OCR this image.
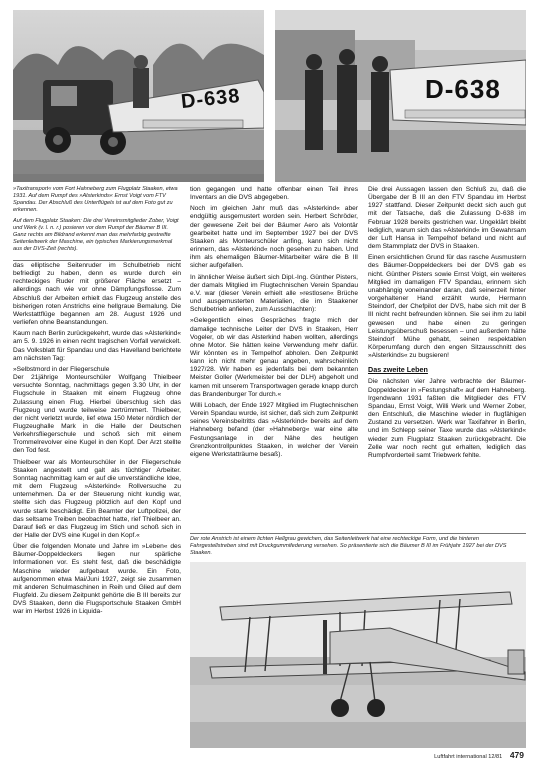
D-638	D-638

»Taxitransport« vom Fort Hahneberg zum Flugplatz Staaken, etwa 1931. Auf dem Rumpf des »Alsterkinds« Ernst Voigt vom FTV Spandau. Der Abschluß des Unterflügels ist auf dem Foto gut zu erkennen.

Auf dem Flugplatz Staaken: Die drei Vereinsmitglieder Zober, Voigt und Werk (v. l. n. r.) posieren vor dem Rumpf der Bäumer B III. Ganz rechts am Bildrand erkennt man das mehrfarbig gestreifte Seitenleitwerk der Maschine, ein typisches Markierungsmerkmal aus der DVS-Zeit (rechts).

das elliptische Seitenruder im Schulbetrieb nicht befriedigt zu haben, denn es wurde durch ein rechteckiges Ruder mit größerer Fläche ersetzt – allerdings nach wie vor ohne Dämpfungsflosse. Zum Abschluß der Arbeiten erhielt das Flugzeug anstelle des bisherigen roten Anstrichs eine hellgraue Bemalung. Die Werkstattflüge begannen am 28. August 1926 und verliefen ohne Beanstandungen.

Kaum nach Berlin zurückgekehrt, wurde das »Alsterkind« am 5. 9. 1926 in einen recht tragischen Vorfall verwickelt. Das Volksblatt für Spandau und das Havelland berichtete am nächsten Tag:

»Selbstmord in der Fliegerschule

Der 21jährige Monteurschüler Wolfgang Thielbeer versuchte Sonntag, nachmittags gegen 3.30 Uhr, in der Flugschule in Staaken mit einem Flugzeug ohne Zulassung einen Flug. Hierbei überschlug sich das Flugzeug und wurde teilweise zertrümmert. Thielbeer, der nicht verletzt wurde, lief etwa 150 Meter nördlich der Flugzeughalle Mark in die Halle der Deutschen Verkehrsfliegerschule und schoß sich mit einem Trommelrevolver eine Kugel in den Kopf. Der Arzt stellte den Tod fest.

Thielbeer war als Monteurschüler in der Fliegerschule Staaken angestellt und galt als tüchtiger Arbeiter. Sonntag nachmittag kam er auf die unverständliche Idee, mit dem Flugzeug »Alsterkind« Rollversuche zu unternehmen. Da er der Steuerung nicht kundig war, stellte sich das Flugzeug plötzlich auf den Kopf und wurde stark beschädigt. Ein Beamter der Luftpolizei, der das seltsame Treiben beobachtet hatte, rief Thielbeer an. Darauf ließ er das Flugzeug im Stich und schoß sich in der Halle der DVS eine Kugel in den Kopf.«

Über die folgenden Monate und Jahre im »Leben« des Bäumer-Doppeldeckers liegen nur spärliche Informationen vor. Es steht fest, daß die beschädigte Maschine wieder aufgebaut wurde. Ein Foto, aufgenommen etwa Mai/Juni 1927, zeigt sie zusammen mit anderen Schulmaschinen in Reih und Glied auf dem Flugfeld. Zu diesem Zeitpunkt gehörte die B III bereits zur DVS Staaken, denn die Flugsportschule Staaken GmbH war im Herbst 1926 in Liquida-

tion gegangen und hatte offenbar einen Teil ihres Inventars an die DVS abgegeben.

Noch im gleichen Jahr muß das »Alsterkind« aber endgültig ausgemustert worden sein. Herbert Schröder, der gewesene Zeit bei der Bäumer Aero als Volontär gearbeitet hatte und im September 1927 bei der DVS Staaken als Monteurschüler anfing, kann sich nicht erinnern, das »Alsterkind« noch gesehen zu haben. Und ihm als ehemaligen Bäumer-Mitarbeiter wäre die B III sicher aufgefallen.

In ähnlicher Weise äußert sich Dipl.-Ing. Günther Pisters, der damals Mitglied im Flugtechnischen Verein Spandau e.V. war (dieser Verein erhielt alle »restlosen« Brüche und ausgemusterten Materialien, die im Staakener Schulbetrieb anfielen, zum Ausschlachten):

»Gelegentlich eines Gespräches fragte mich der damalige technische Leiter der DVS in Staaken, Herr Vogeler, ob wir das Alsterkind haben wollten, allerdings ohne Motor. Sie hätten keine Verwendung mehr dafür. Wir könnten es in Tempelhof abholen. Den Zeitpunkt kann ich nicht mehr genau angeben, wahrscheinlich 1927/28. Wir haben es jedenfalls bei dem bekannten Meister Goller (Werkmeister bei der DLH) abgeholt und kamen mit unserem Transportwagen gerade knapp durch das Brandenburger Tor durch.«

Willi Lobach, der Ende 1927 Mitglied im Flugtechnischen Verein Spandau wurde, ist sicher, daß sich zum Zeitpunkt seines Vereinsbeitritts das »Alsterkind« bereits auf dem Hahneberg befand (der »Hahneberg« war eine alte Festungsanlage in der Nähe des heutigen Grenzkontrollpunktes Staaken, in welcher der Verein eigene Werkstatträume besaß).

Die drei Aussagen lassen den Schluß zu, daß die Übergabe der B III an den FTV Spandau im Herbst 1927 stattfand. Dieser Zeitpunkt deckt sich auch gut mit der Tatsache, daß die Zulassung D-638 im Februar 1928 bereits gestrichen war. Ungeklärt bleibt lediglich, warum sich das »Alsterkind« im Gewahrsam der Luft Hansa in Tempelhof befand und nicht auf dem Stammplatz der DVS in Staaken.

Einen ersichtlichen Grund für das rasche Ausmustern des Bäumer-Doppeldeckers bei der DVS gab es nicht. Günther Pisters sowie Ernst Voigt, ein weiteres Mitglied im damaligen FTV Spandau, erinnern sich unabhängig voneinander daran, daß seinerzeit hinter vorgehaltener Hand erzählt wurde, Hermann Steindorf, der Chefpilot der DVS, habe sich mit der B III nicht recht befreunden können. Sie sei ihm zu labil gewesen und habe einen zu geringen Leistungsüberschuß besessen – und außerdem hätte Steindorf Mühe gehabt, seinen respektablen Körperumfang durch den engen Sitzausschnitt des »Alsterkinds« zu bugsieren!

Das zweite Leben

Die nächsten vier Jahre verbrachte der Bäumer-Doppeldecker in »Festungshaft« auf dem Hahneberg. Irgendwann 1931 faßten die Mitglieder des FTV Spandau, Ernst Voigt, Willi Werk und Werner Zober, den Entschluß, die Maschine wieder in flugfähigen Zustand zu versetzen. Werk war Taxifahrer in Berlin, und im Schlepp seiner Taxe wurde das »Alsterkind« wieder zum Flugplatz Staaken zurückgebracht. Die Zelle war noch recht gut erhalten, lediglich das Rumpfvorderteil samt Triebwerk fehlte.

Der rote Anstrich ist einem lichten Hellgrau gewichen, das Seitenleitwerk hat eine rechteckige Form, und die hinteren Fahrgestellstreben sind mit Druckgummifederung versehen. So präsentierte sich die Bäumer B III im Frühjahr 1927 bei der DVS Staaken.
Luftfahrt international 12/81 479
